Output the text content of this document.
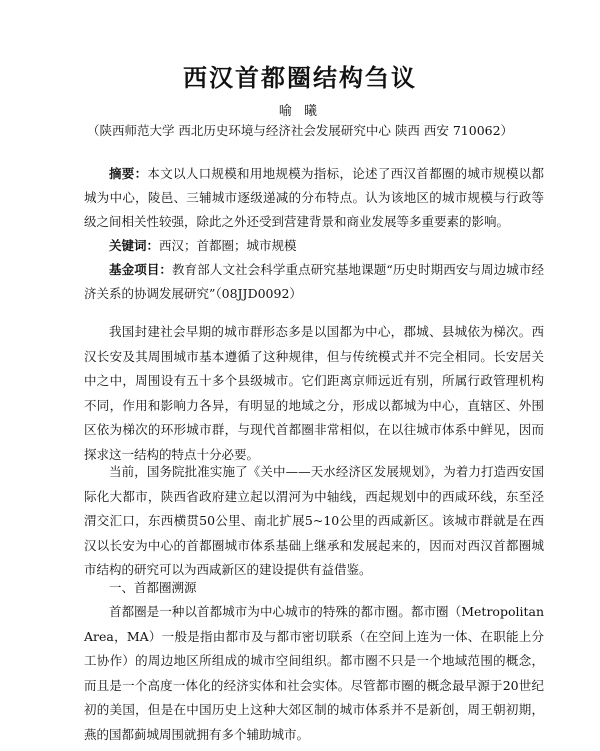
西汉首都圈结构刍议

喻 曦

（陕西师范大学 西北历史环境与经济社会发展研究中心 陕西 西安 710062）

摘要：本文以人口规模和用地规模为指标，论述了西汉首都圈的城市规模以都城为中心，陵邑、三辅城市逐级递减的分布特点。认为该地区的城市规模与行政等级之间相关性较强，除此之外还受到营建背景和商业发展等多重要素的影响。

关键词：西汉；首都圈；城市规模

基金项目：教育部人文社会科学重点研究基地课题“历史时期西安与周边城市经济关系的协调发展研究”（08JJD0092）

我国封建社会早期的城市群形态多是以国都为中心，郡城、县城依为梯次。西汉长安及其周围城市基本遵循了这种规律，但与传统模式并不完全相同。长安居关中之中，周围设有五十多个县级城市。它们距离京师远近有别，所属行政管理机构不同，作用和影响力各异，有明显的地域之分，形成以都城为中心，直辖区、外围区依为梯次的环形城市群，与现代首都圈非常相似，在以往城市体系中鲜见，因而探求这一结构的特点十分必要。

当前，国务院批准实施了《关中——天水经济区发展规划》，为着力打造西安国际化大都市，陕西省政府建立起以渭河为中轴线，西起规划中的西咸环线，东至泾渭交汇口，东西横贯50公里、南北扩展5~10公里的西咸新区。该城市群就是在西汉以长安为中心的首都圈城市体系基础上继承和发展起来的，因而对西汉首都圈城市结构的研究可以为西咸新区的建设提供有益借鉴。

一、首都圈溯源

首都圈是一种以首都城市为中心城市的特殊的都市圈。都市圈（Metropolitan Area，MA）一般是指由都市及与都市密切联系（在空间上连为一体、在职能上分工协作）的周边地区所组成的城市空间组织。都市圈不只是一个地域范围的概念，而且是一个高度一体化的经济实体和社会实体。尽管都市圈的概念最早源于20世纪初的美国，但是在中国历史上这种大郊区制的城市体系并不是新创，周王朝初期，燕的国都蓟城周围就拥有多个辅助城市。
